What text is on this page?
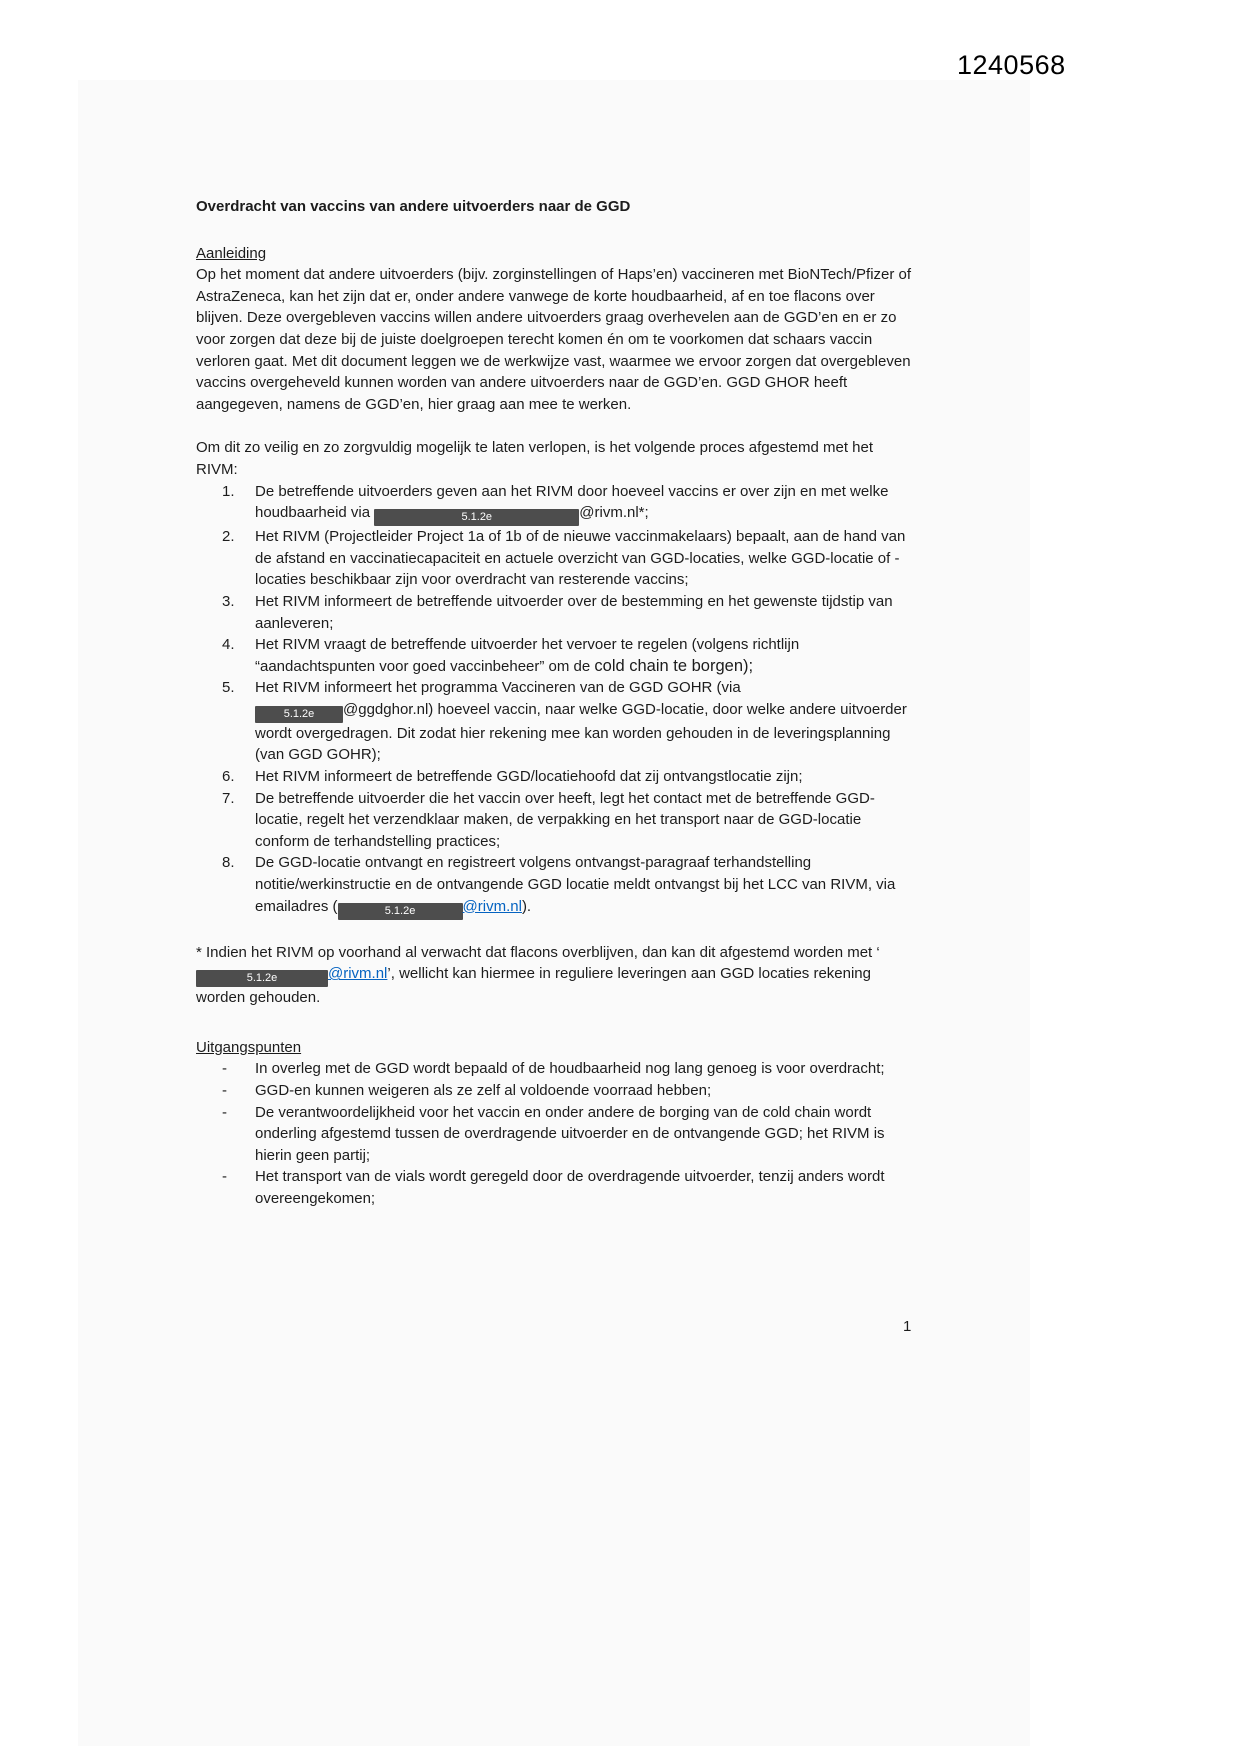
1240568

Overdracht van vaccins van andere uitvoerders naar de GGD

Aanleiding

Op het moment dat andere uitvoerders (bijv. zorginstellingen of Haps’en) vaccineren met BioNTech/Pfizer of AstraZeneca, kan het zijn dat er, onder andere vanwege de korte houdbaarheid, af en toe flacons over blijven. Deze overgebleven vaccins willen andere uitvoerders graag overhevelen aan de GGD’en en er zo voor zorgen dat deze bij de juiste doelgroepen terecht komen én om te voorkomen dat schaars vaccin verloren gaat. Met dit document leggen we de werkwijze vast, waarmee we ervoor zorgen dat overgebleven vaccins overgeheveld kunnen worden van andere uitvoerders naar de GGD’en. GGD GHOR heeft aangegeven, namens de GGD’en, hier graag aan mee te werken.

Om dit zo veilig en zo zorgvuldig mogelijk te laten verlopen, is het volgende proces afgestemd met het RIVM:

1. De betreffende uitvoerders geven aan het RIVM door hoeveel vaccins er over zijn en met welke houdbaarheid via	5.1.2e	@rivm.nl*;
2. Het RIVM (Projectleider Project 1a of 1b of de nieuwe vaccinmakelaars) bepaalt, aan de hand van de afstand en vaccinatiecapaciteit en actuele overzicht van GGD-locaties, welke GGD-locatie of -locaties beschikbaar zijn voor overdracht van resterende vaccins;
3. Het RIVM informeert de betreffende uitvoerder over de bestemming en het gewenste tijdstip van aanleveren;
4. Het RIVM vraagt de betreffende uitvoerder het vervoer te regelen (volgens richtlijn “aandachtspunten voor goed vaccinbeheer” om de cold chain te borgen);
5. Het RIVM informeert het programma Vaccineren van de GGD GOHR (via
5.1.2e @ggdghor.nl) hoeveel vaccin, naar welke GGD-locatie, door welke andere uitvoerder wordt overgedragen. Dit zodat hier rekening mee kan worden gehouden in de leveringsplanning (van GGD GOHR);
6. Het RIVM informeert de betreffende GGD/locatiehoofd dat zij ontvangstlocatie zijn;
7. De betreffende uitvoerder die het vaccin over heeft, legt het contact met de betreffende GGD-locatie, regelt het verzendklaar maken, de verpakking en het transport naar de GGD-locatie conform de terhandstelling practices;
8. De GGD-locatie ontvangt en registreert volgens ontvangst-paragraaf terhandstelling notitie/werkinstructie en de ontvangende GGD locatie meldt ontvangst bij het LCC van RIVM, via emailadres (	5.1.2e	@rivm.nl).

* Indien het RIVM op voorhand al verwacht dat flacons overblijven, dan kan dit afgestemd worden met ‘5.1.2e	@rivm.nl’, wellicht kan hiermee in reguliere leveringen aan GGD locaties rekening worden gehouden.

Uitgangspunten

- In overleg met de GGD wordt bepaald of de houdbaarheid nog lang genoeg is voor overdracht;
- GGD-en kunnen weigeren als ze zelf al voldoende voorraad hebben;
- De verantwoordelijkheid voor het vaccin en onder andere de borging van de cold chain wordt onderling afgestemd tussen de overdragende uitvoerder en de ontvangende GGD; het RIVM is hierin geen partij;
- Het transport van de vials wordt geregeld door de overdragende uitvoerder, tenzij anders wordt overeengekomen;
1
